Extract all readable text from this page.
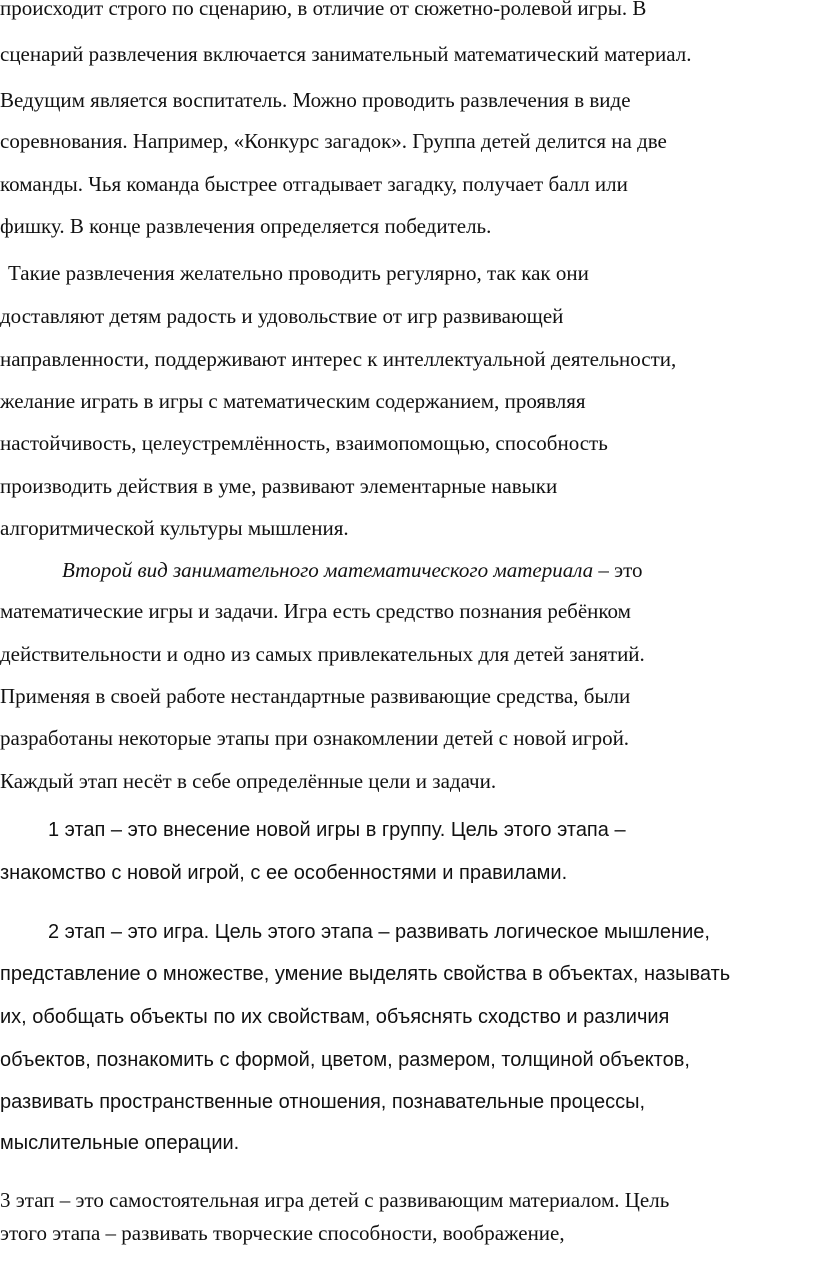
происходит строго по сценарию, в отличие от сюжетно-ролевой игры. В
сценарий развлечения включается занимательный математический материал.
Ведущим является воспитатель. Можно проводить развлечения в виде
соревнования. Например, «Конкурс загадок». Группа детей делится на две
команды. Чья команда быстрее отгадывает загадку, получает балл или
фишку. В конце развлечения определяется победитель.
Такие развлечения желательно проводить регулярно, так как они
доставляют детям радость и удовольствие от игр развивающей
направленности, поддерживают интерес к интеллектуальной деятельности,
желание играть в игры с математическим содержанием, проявляя
настойчивость, целеустремлённость, взаимопомощью, способность
производить действия в уме, развивают элементарные навыки
алгоритмической культуры мышления.
Второй вид занимательного математического материала – это
математические игры и задачи. Игра есть средство познания ребёнком
действительности и одно из самых привлекательных для детей занятий.
Применяя в своей работе нестандартные развивающие средства, были
разработаны некоторые этапы при ознакомлении детей с новой игрой.
Каждый этап несёт в себе определённые цели и задачи.
1 этап – это внесение новой игры в группу. Цель этого этапа –
знакомство с новой игрой, с ее особенностями и правилами.
2 этап – это игра. Цель этого этапа – развивать логическое мышление,
представление о множестве, умение выделять свойства в объектах, называть
их, обобщать объекты по их свойствам, объяснять сходство и различия
объектов, познакомить с формой, цветом, размером, толщиной объектов,
развивать пространственные отношения, познавательные процессы,
мыслительные операции.
3 этап – это самостоятельная игра детей с развивающим материалом. Цель
этого этапа – развивать творческие способности, воображение,
